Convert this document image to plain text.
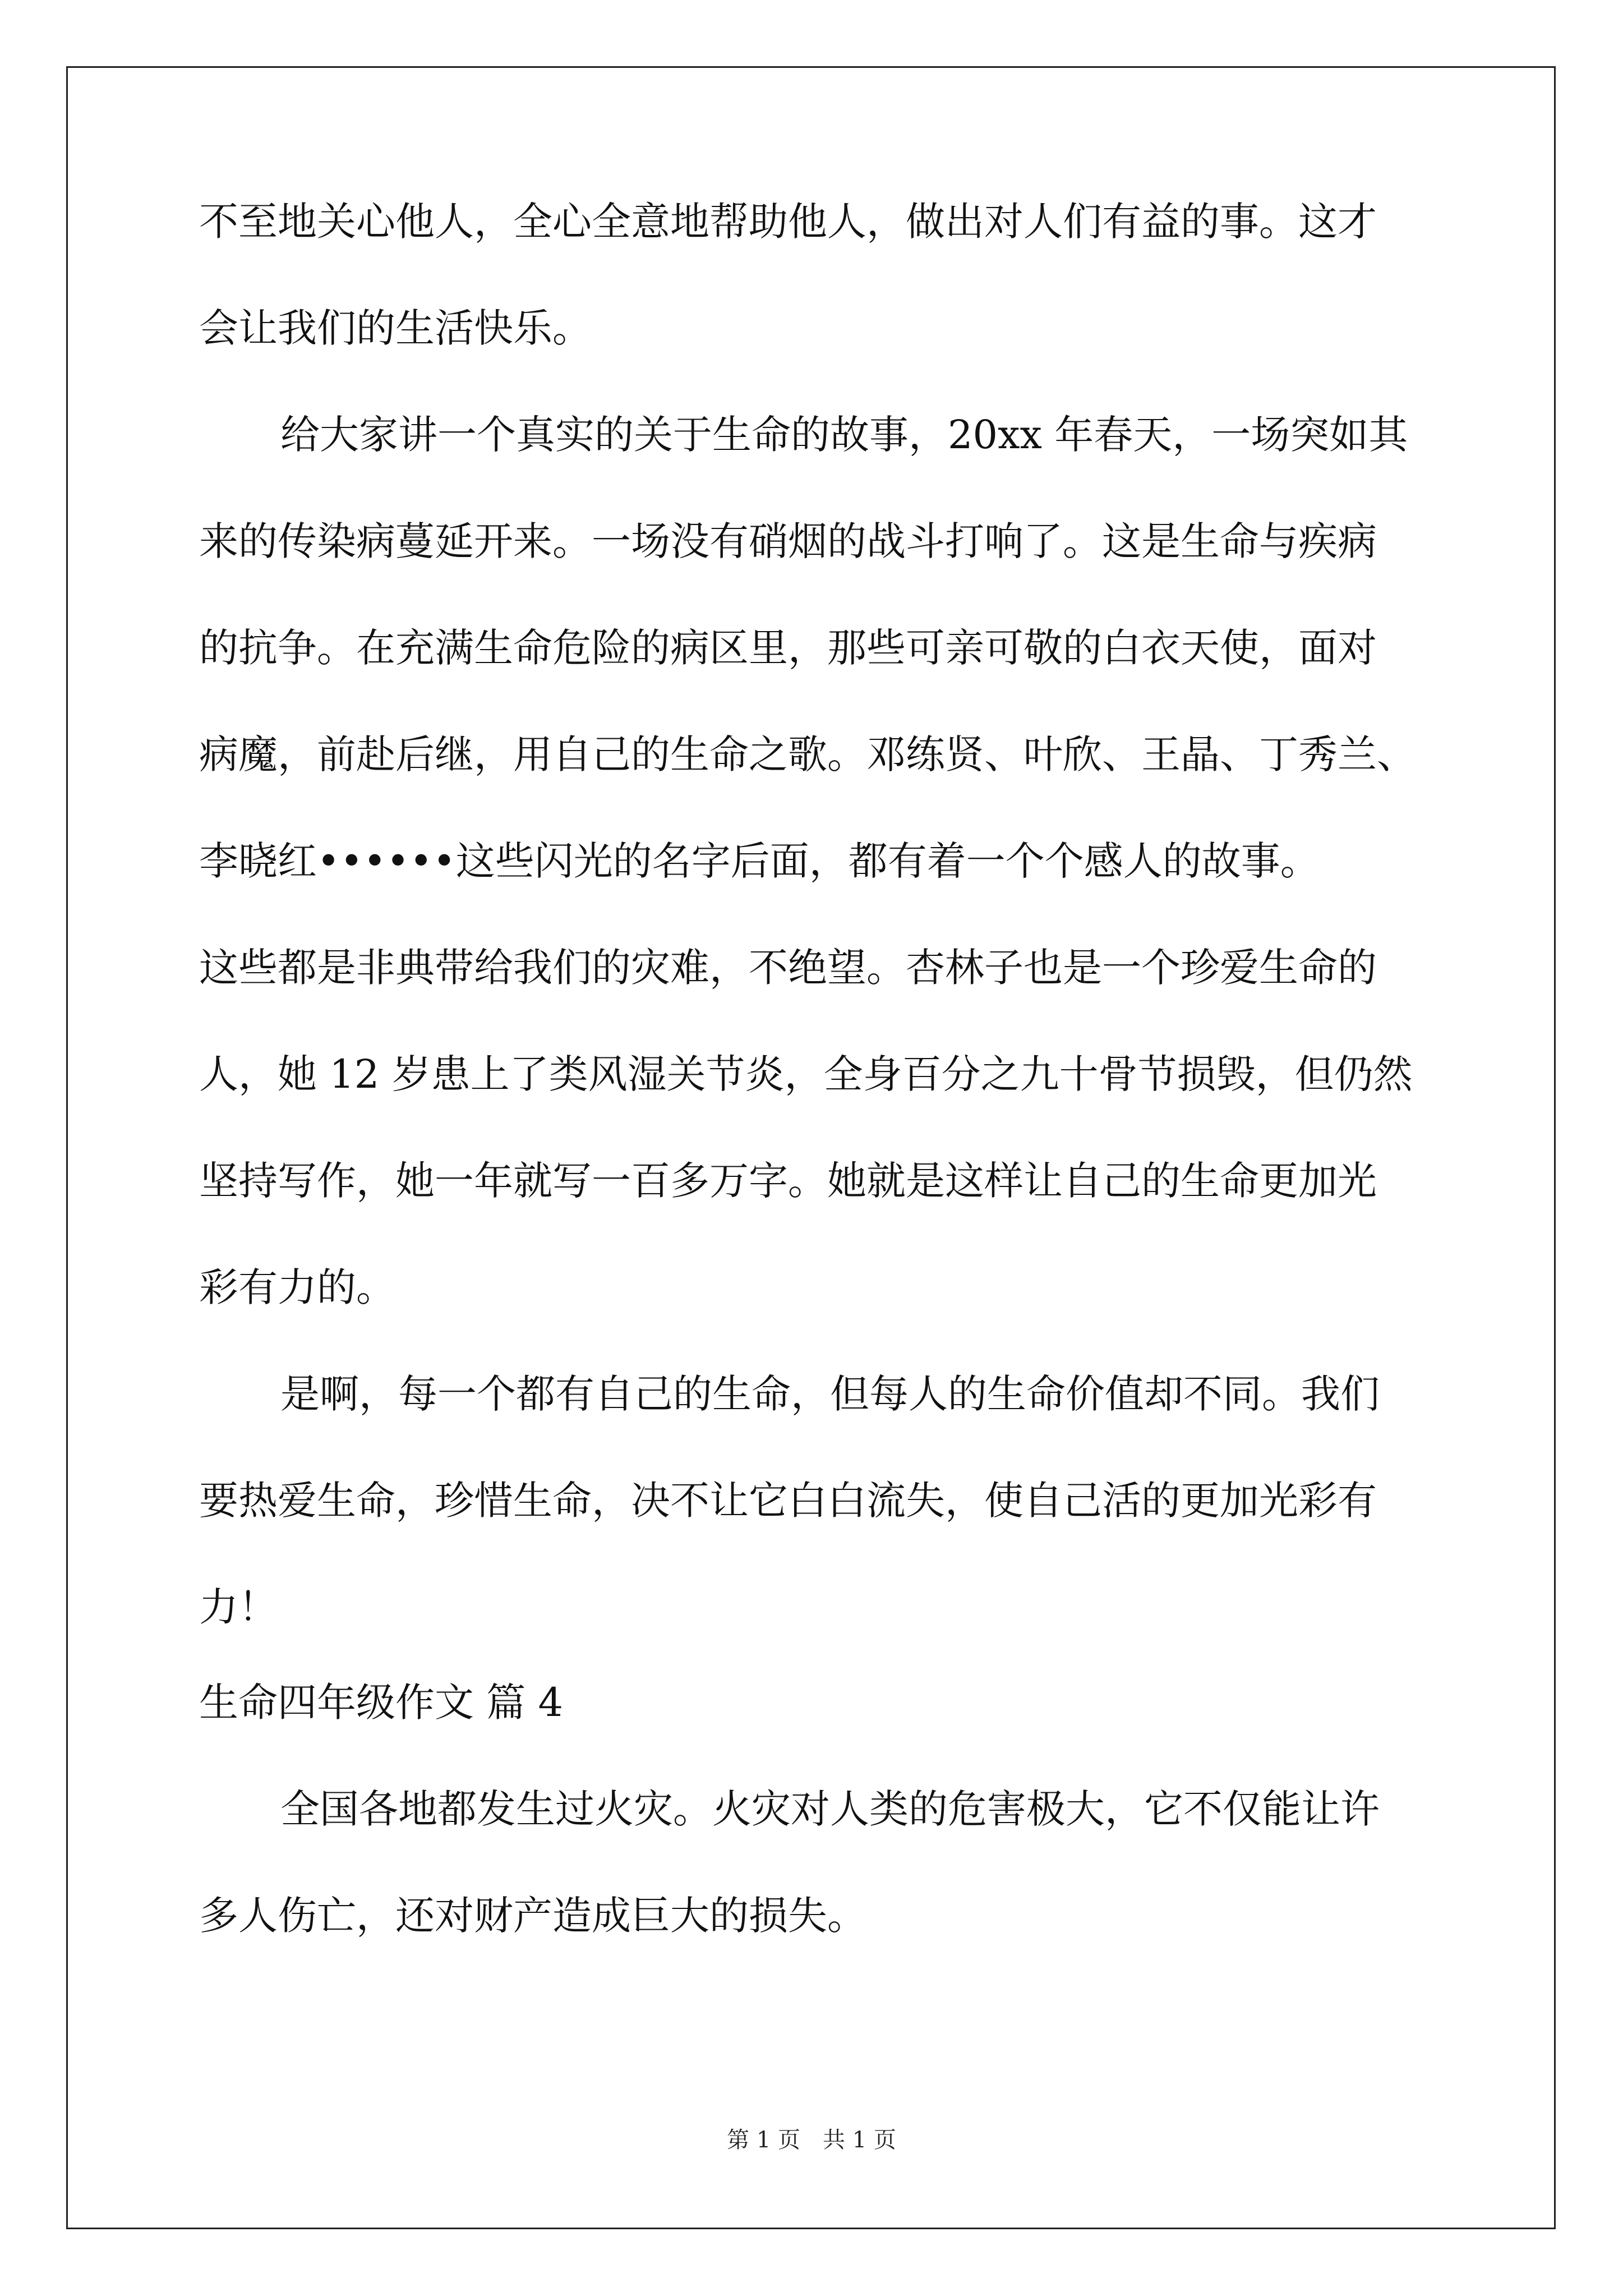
不至地关心他人，全心全意地帮助他人，做出对人们有益的事。这才
会让我们的生活快乐。
给大家讲一个真实的关于生命的故事，20xx 年春天，一场突如其
来的传染病蔓延开来。一场没有硝烟的战斗打响了。这是生命与疾病
的抗争。在充满生命危险的病区里，那些可亲可敬的白衣天使，面对
病魔，前赴后继，用自己的生命之歌。邓练贤、叶欣、王晶、丁秀兰、
李晓红••••••这些闪光的名字后面，都有着一个个感人的故事。
这些都是非典带给我们的灾难，不绝望。杏林子也是一个珍爱生命的
人，她 12 岁患上了类风湿关节炎，全身百分之九十骨节损毁，但仍然
坚持写作，她一年就写一百多万字。她就是这样让自己的生命更加光
彩有力的。
是啊，每一个都有自己的生命，但每人的生命价值却不同。我们
要热爱生命，珍惜生命，决不让它白白流失，使自己活的更加光彩有
力！
生命四年级作文 篇 4
全国各地都发生过火灾。火灾对人类的危害极大，它不仅能让许
多人伤亡，还对财产造成巨大的损失。
第 1 页 共 1 页
